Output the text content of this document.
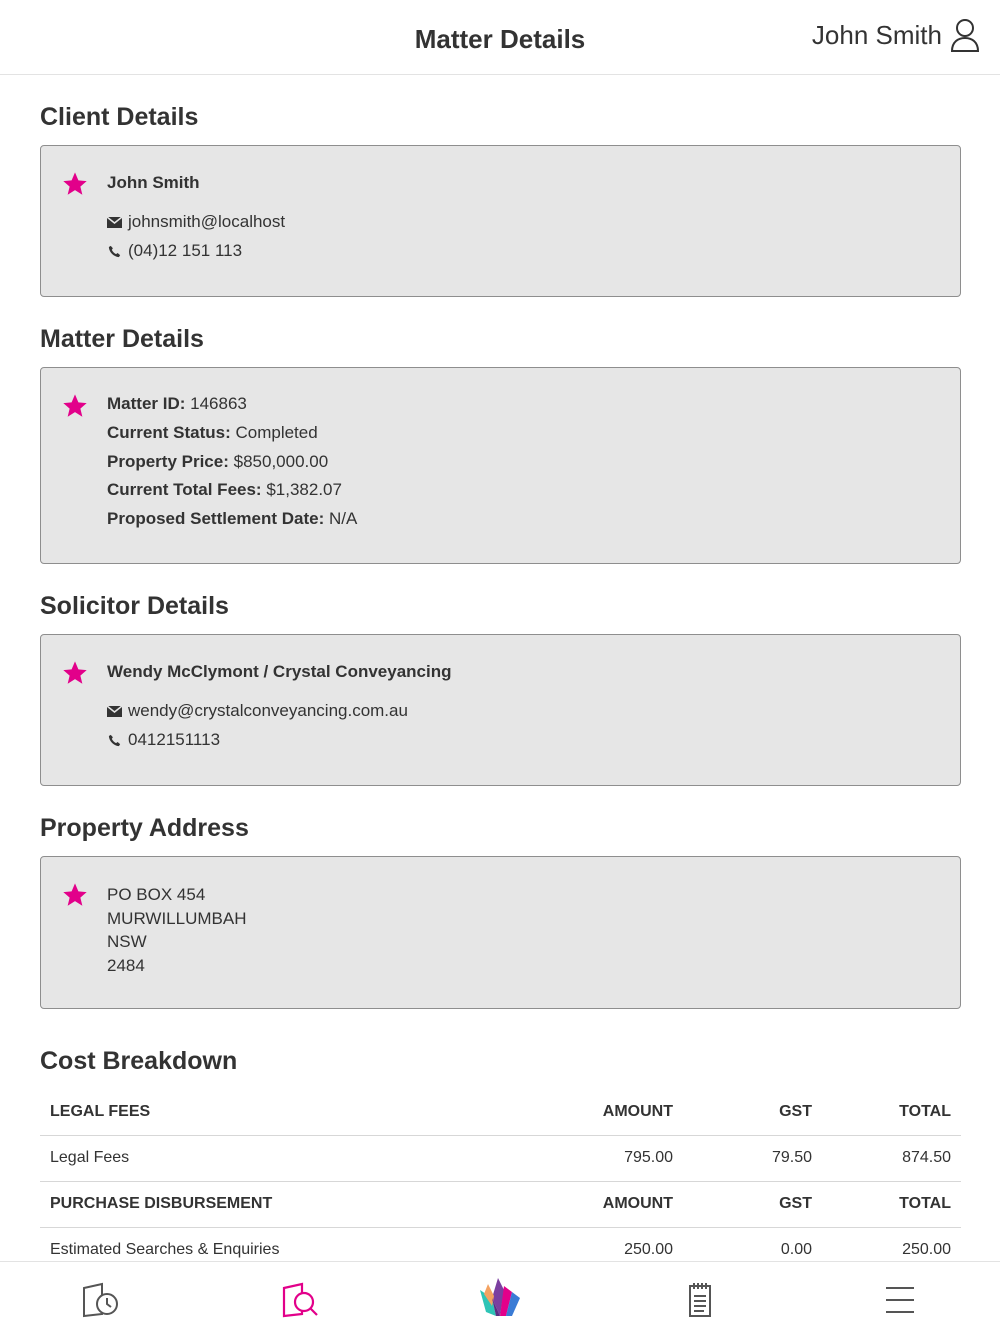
Matter Details	John Smith
Client Details
John Smith
johnsmith@localhost
(04)12 151 113
Matter Details
Matter ID: 146863
Current Status: Completed
Property Price: $850,000.00
Current Total Fees: $1,382.07
Proposed Settlement Date: N/A
Solicitor Details
Wendy McClymont / Crystal Conveyancing
wendy@crystalconveyancing.com.au
0412151113
Property Address
PO BOX 454
MURWILLUMBAH
NSW
2484
Cost Breakdown
LEGAL FEES	AMOUNT	GST	TOTAL
Legal Fees	795.00	79.50	874.50
PURCHASE DISBURSEMENT	AMOUNT	GST	TOTAL
Estimated Searches & Enquiries	250.00	0.00	250.00
